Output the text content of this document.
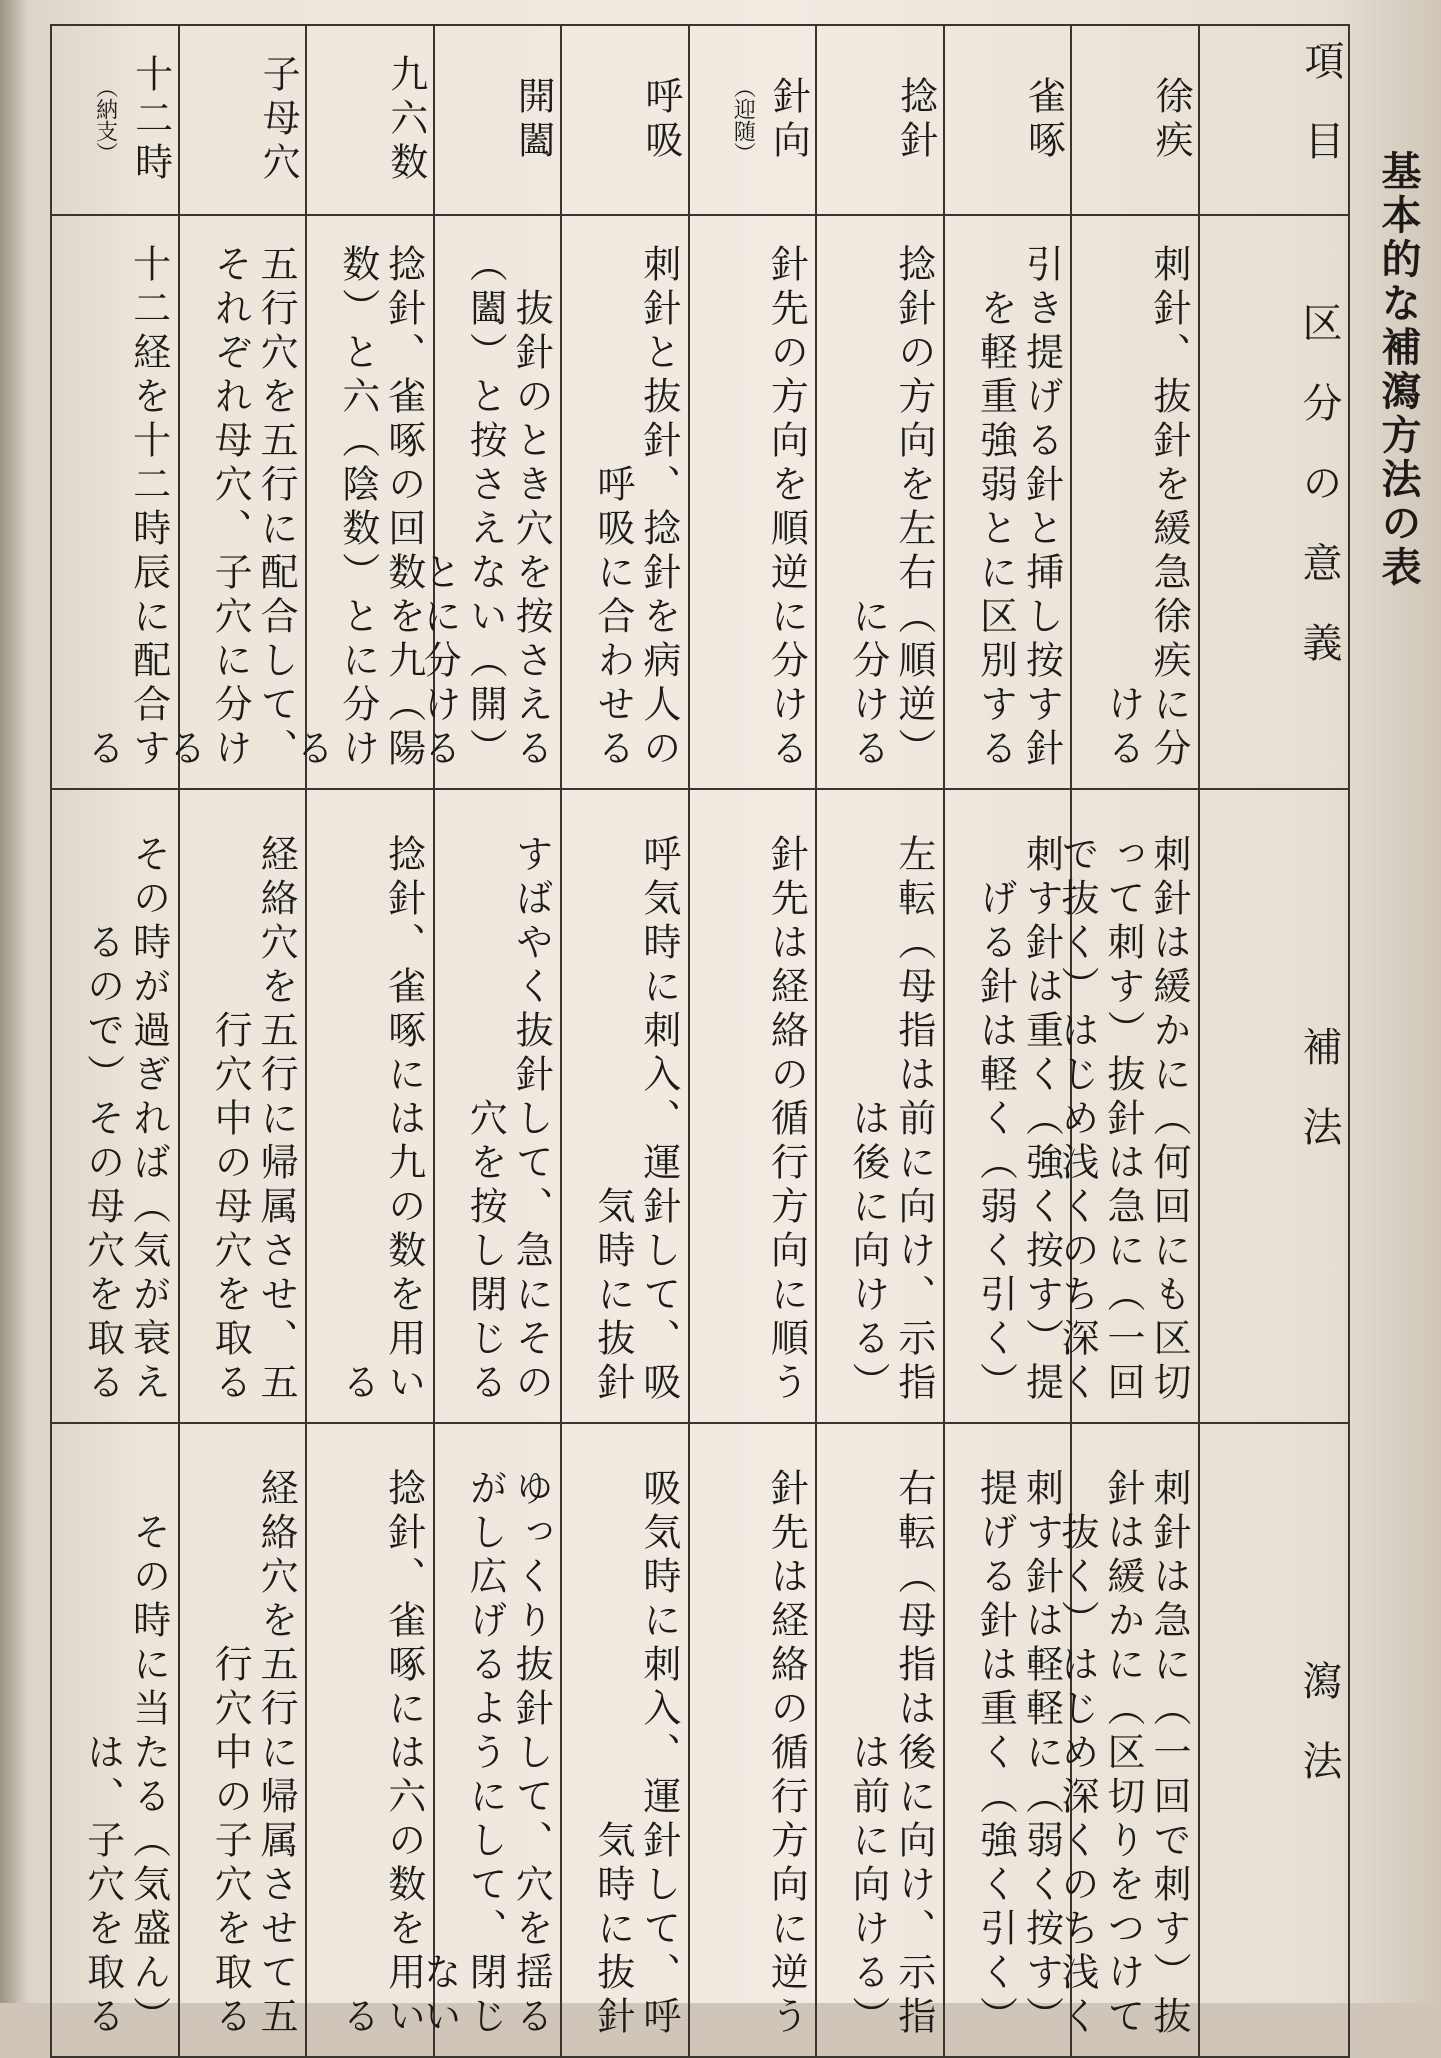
基本的な補瀉方法の表
項目	徐疾	雀啄	捻針	針向（迎随）	呼吸	開闔	九六数	子母穴	十二時（納支）
区分の意義	刺針、抜針を緩急徐疾に分ける	引き提げる針と挿し按す針を軽重強弱とに区別する	捻針の方向を左右（順逆）に分ける	針先の方向を順逆に分ける	刺針と抜針、捻針を病人の呼吸に合わせる	抜針のとき穴を按さえる（闔）と按さえない（開）とに分ける	捻針、雀啄の回数を九（陽数）と六（陰数）とに分ける	五行穴を五行に配合して、それぞれ母穴、子穴に分ける	十二経を十二時辰に配合する
補法	刺針は緩かに（何回にも区切って刺す）抜針は急に（一回で抜く）はじめ浅くのち深く	刺す針は重く（強く按す）提げる針は軽く（弱く引く）	左転（母指は前に向け、示指は後に向ける）	針先は経絡の循行方向に順う	呼気時に刺入、運針して、吸気時に抜針	すばやく抜針して、急にその穴を按し閉じる	捻針、雀啄には九の数を用いる	経絡穴を五行に帰属させ、五行穴中の母穴を取る	その時が過ぎれば（気が衰えるので）その母穴を取る
瀉法	刺針は急に（一回で刺す）抜針は緩かに（区切りをつけて抜く）はじめ深くのち浅く	刺す針は軽軽に（弱く按す）提げる針は重く（強く引く）	右転（母指は後に向け、示指は前に向ける）	針先は経絡の循行方向に逆う	吸気時に刺入、運針して、呼気時に抜針	ゆっくり抜針して、穴を揺るがし広げるようにして、閉じない	捻針、雀啄には六の数を用いる	経絡穴を五行に帰属させて五行穴中の子穴を取る	その時に当たる（気盛ん）は、子穴を取る
